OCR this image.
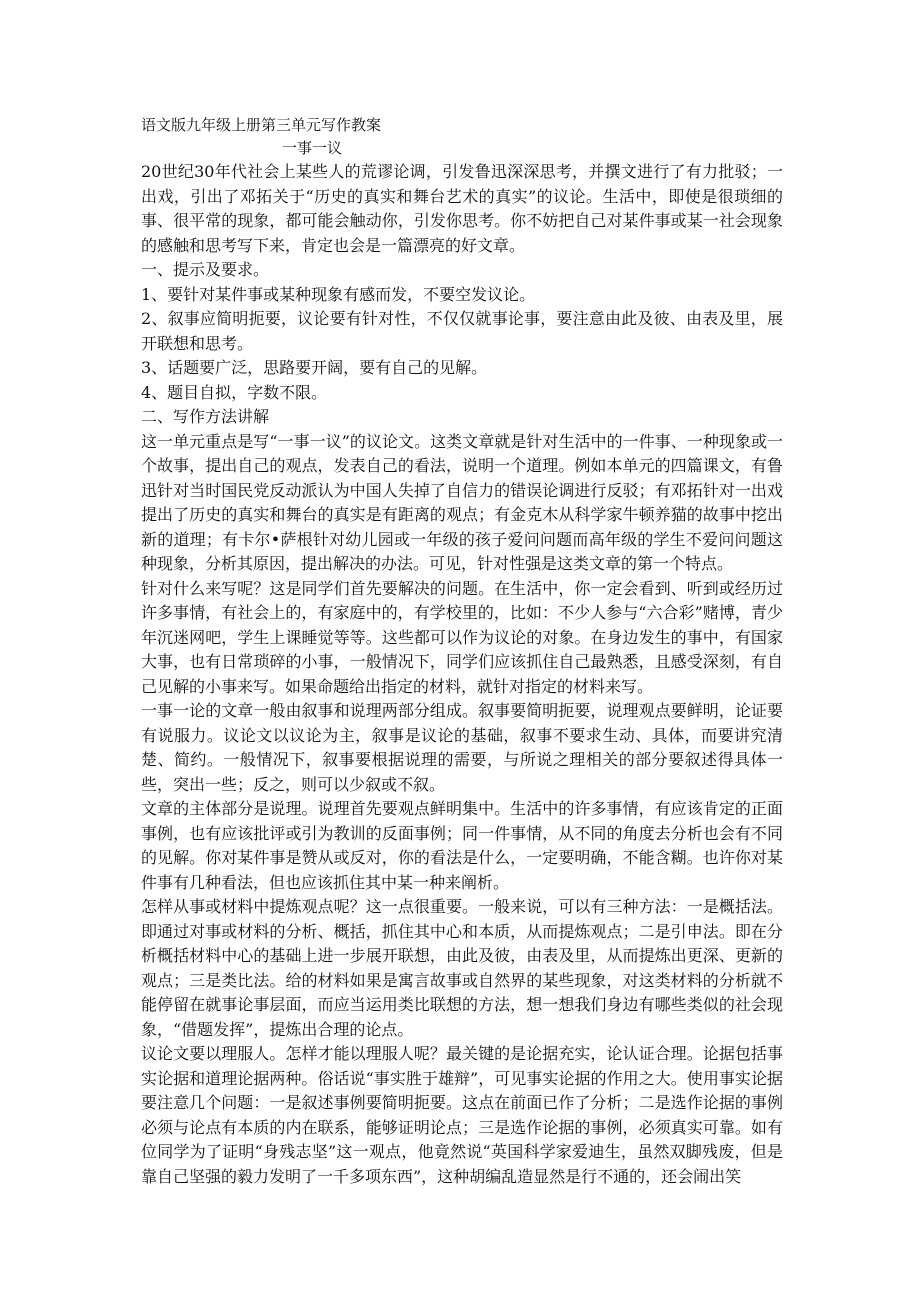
语文版九年级上册第三单元写作教案
一事一议

20世纪30年代社会上某些人的荒谬论调，引发鲁迅深深思考，并撰文进行了有力批驳；一出戏，引出了邓拓关于“历史的真实和舞台艺术的真实”的议论。生活中，即使是很琐细的事、很平常的现象，都可能会触动你，引发你思考。你不妨把自己对某件事或某一社会现象的感触和思考写下来，肯定也会是一篇漂亮的好文章。

一、提示及要求。

1、要针对某件事或某种现象有感而发，不要空发议论。

2、叙事应简明扼要，议论要有针对性，不仅仅就事论事，要注意由此及彼、由表及里，展开联想和思考。

3、话题要广泛，思路要开阔，要有自己的见解。

4、题目自拟，字数不限。

二、写作方法讲解

这一单元重点是写“一事一议”的议论文。这类文章就是针对生活中的一件事、一种现象或一个故事，提出自己的观点，发表自己的看法，说明一个道理。例如本单元的四篇课文，有鲁迅针对当时国民党反动派认为中国人失掉了自信力的错误论调进行反驳；有邓拓针对一出戏提出了历史的真实和舞台的真实是有距离的观点；有金克木从科学家牛顿养猫的故事中挖出新的道理；有卡尔•萨根针对幼儿园或一年级的孩子爱问问题而高年级的学生不爱问问题这种现象，分析其原因，提出解决的办法。可见，针对性强是这类文章的第一个特点。

针对什么来写呢？这是同学们首先要解决的问题。在生活中，你一定会看到、听到或经历过许多事情，有社会上的，有家庭中的，有学校里的，比如：不少人参与“六合彩”赌博，青少年沉迷网吧，学生上课睡觉等等。这些都可以作为议论的对象。在身边发生的事中，有国家大事，也有日常琐碎的小事，一般情况下，同学们应该抓住自己最熟悉，且感受深刻，有自己见解的小事来写。如果命题给出指定的材料，就针对指定的材料来写。

一事一论的文章一般由叙事和说理两部分组成。叙事要简明扼要，说理观点要鲜明，论证要有说服力。议论文以议论为主，叙事是议论的基础，叙事不要求生动、具体，而要讲究清楚、简约。一般情况下，叙事要根据说理的需要，与所说之理相关的部分要叙述得具体一些，突出一些；反之，则可以少叙或不叙。

文章的主体部分是说理。说理首先要观点鲜明集中。生活中的许多事情，有应该肯定的正面事例，也有应该批评或引为教训的反面事例；同一件事情，从不同的角度去分析也会有不同的见解。你对某件事是赞从或反对，你的看法是什么，一定要明确，不能含糊。也许你对某件事有几种看法，但也应该抓住其中某一种来阐析。

怎样从事或材料中提炼观点呢？这一点很重要。一般来说，可以有三种方法：一是概括法。即通过对事或材料的分析、概括，抓住其中心和本质，从而提炼观点；二是引申法。即在分析概括材料中心的基础上进一步展开联想，由此及彼，由表及里，从而提炼出更深、更新的观点；三是类比法。给的材料如果是寓言故事或自然界的某些现象，对这类材料的分析就不能停留在就事论事层面，而应当运用类比联想的方法，想一想我们身边有哪些类似的社会现象，“借题发挥”，提炼出合理的论点。

议论文要以理服人。怎样才能以理服人呢？最关键的是论据充实，论认证合理。论据包括事实论据和道理论据两种。俗话说“事实胜于雄辩”，可见事实论据的作用之大。使用事实论据要注意几个问题：一是叙述事例要简明扼要。这点在前面已作了分析；二是选作论据的事例必须与论点有本质的内在联系，能够证明论点；三是选作论据的事例，必须真实可靠。如有位同学为了证明“身残志坚”这一观点，他竟然说“英国科学家爱迪生，虽然双脚残废，但是靠自己坚强的毅力发明了一千多项东西”，这种胡编乱造显然是行不通的，还会闹出笑
